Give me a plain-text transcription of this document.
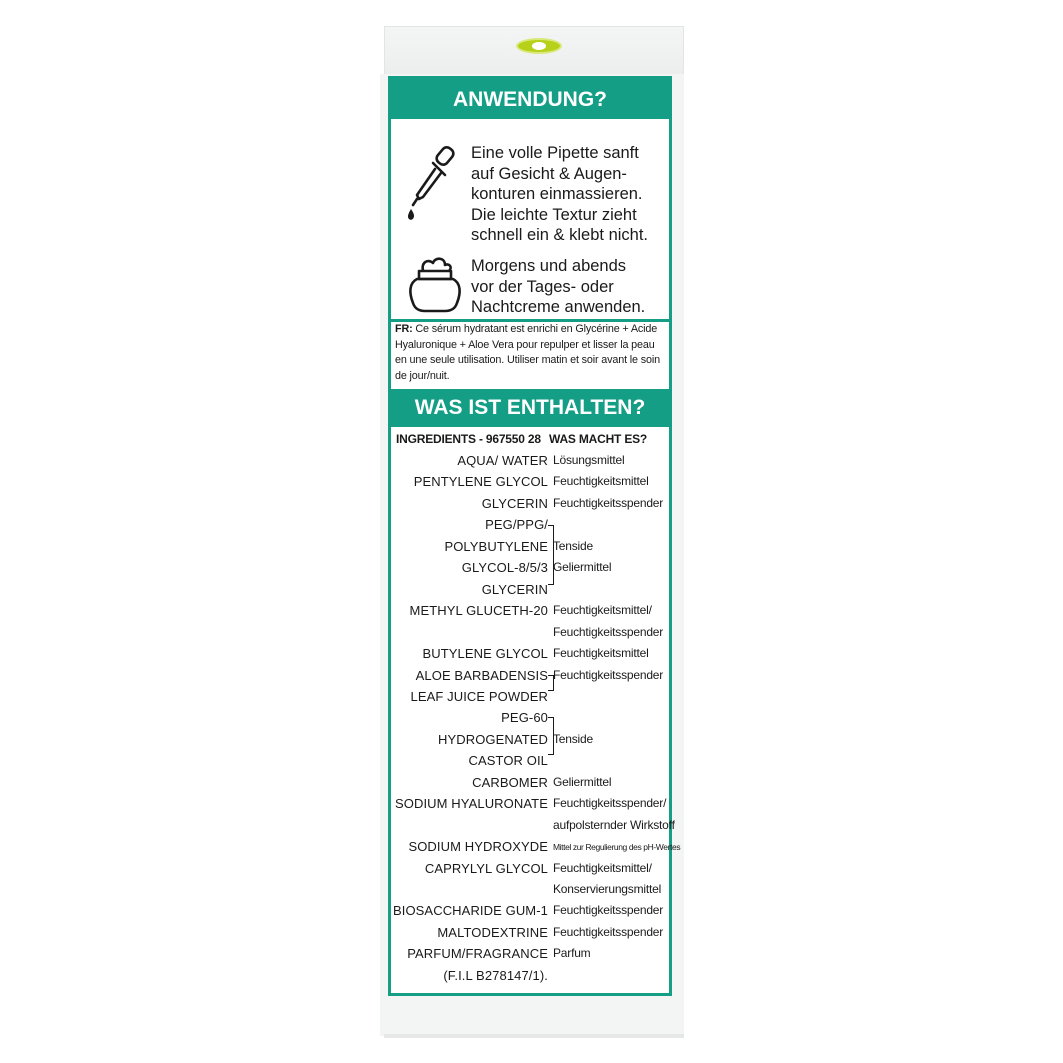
ANWENDUNG?
Eine volle Pipette sanft
auf Gesicht & Augen-
konturen einmassieren.
Die leichte Textur zieht
schnell ein & klebt nicht.
Morgens und abends
vor der Tages- oder
Nachtcreme anwenden.
FR: Ce sérum hydratant est enrichi en Glycérine + Acide Hyaluronique + Aloe Vera pour repulper et lisser la peau en une seule utilisation. Utiliser matin et soir avant le soin de jour/nuit.
WAS IST ENTHALTEN?
INGREDIENTS - 967550 28 WAS MACHT ES?
AQUA/ WATER Lösungsmittel
PENTYLENE GLYCOL Feuchtigkeitsmittel
GLYCERIN Feuchtigkeitsspender
PEG/PPG/
POLYBUTYLENE Tenside
GLYCOL-8/5/3 Geliermittel
GLYCERIN
METHYL GLUCETH-20 Feuchtigkeitsmittel/
Feuchtigkeitsspender
BUTYLENE GLYCOL Feuchtigkeitsmittel
ALOE BARBADENSIS Feuchtigkeitsspender
LEAF JUICE POWDER
PEG-60
HYDROGENATED Tenside
CASTOR OIL
CARBOMER Geliermittel
SODIUM HYALURONATE Feuchtigkeitsspender/
aufpolsternder Wirkstoff
SODIUM HYDROXYDE Mittel zur Regulierung des pH-Wertes
CAPRYLYL GLYCOL Feuchtigkeitsmittel/
Konservierungsmittel
BIOSACCHARIDE GUM-1 Feuchtigkeitsspender
MALTODEXTRINE Feuchtigkeitsspender
PARFUM/FRAGRANCE Parfum
(F.I.L B278147/1).
